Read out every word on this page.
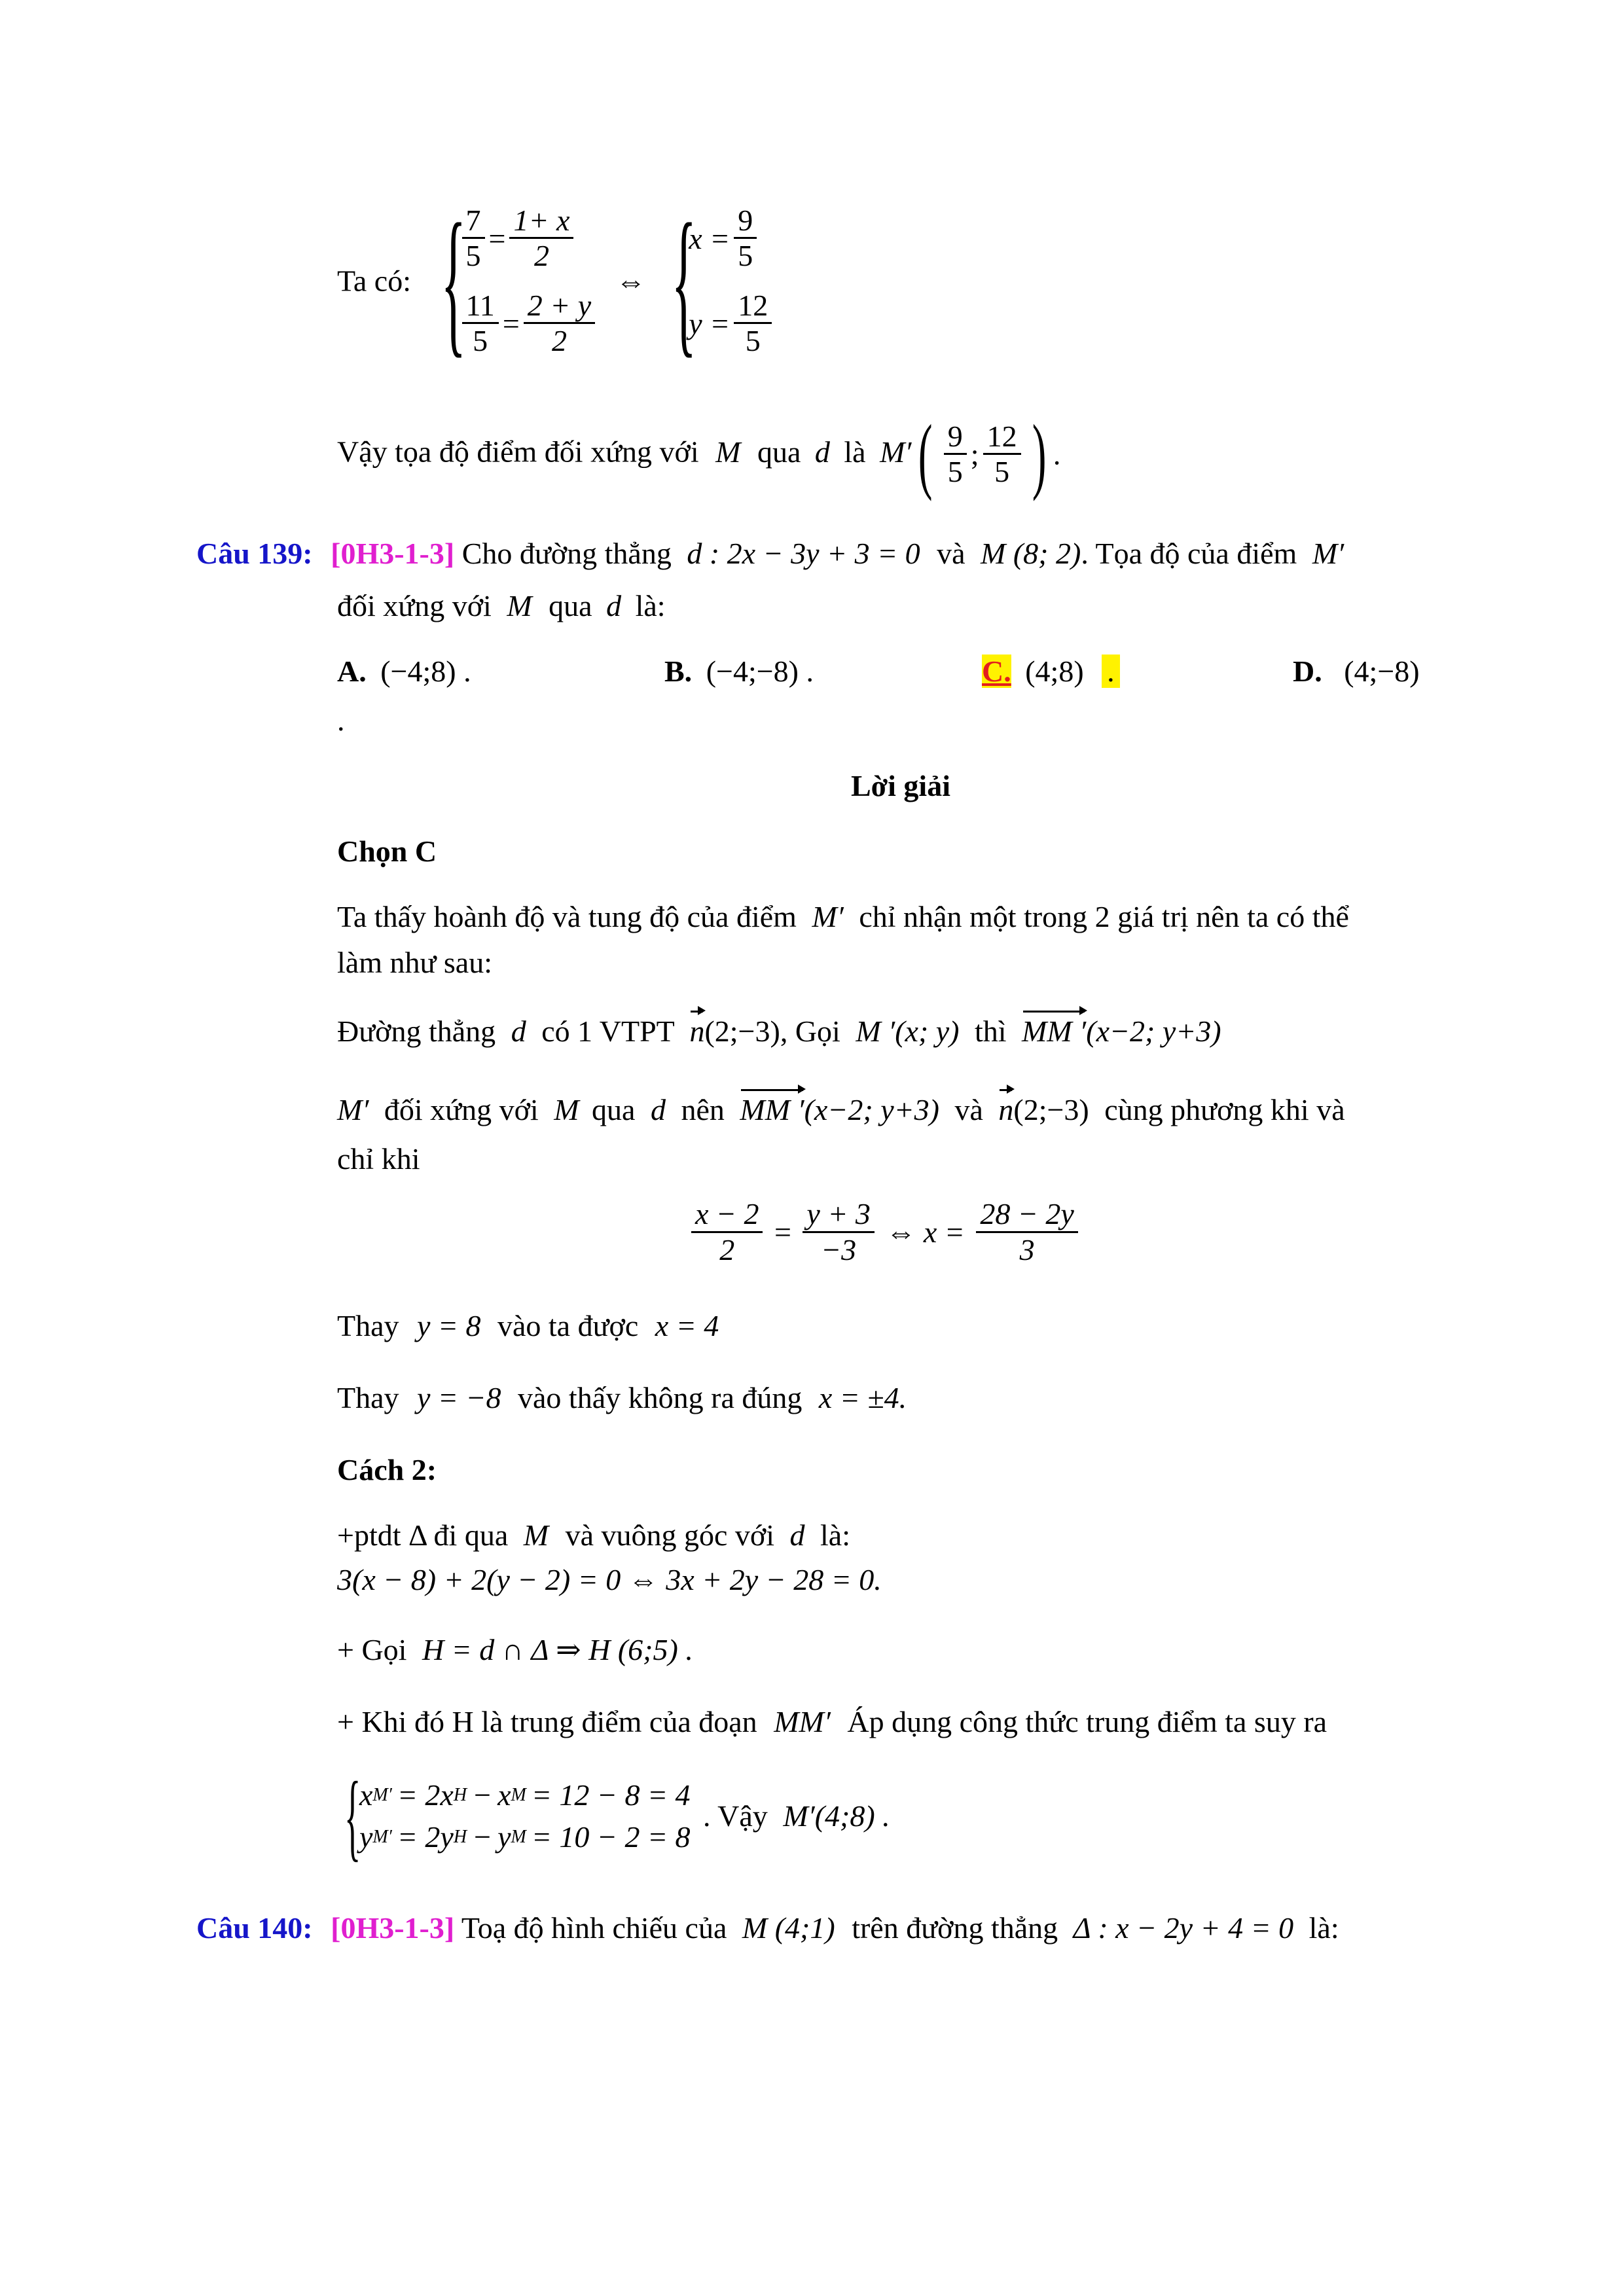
Ta có: {
$\frac{7}{5} = \frac{1+ x}{2}$
$\frac{11}{5} = \frac{2 + y}{2}$
⇔ {
$x = \frac{9}{5}$
$y = \frac{12}{5}$
Vậy tọa độ điểm đối xứng với M qua d là $M'( \frac{9}{5}$ ; $\frac{12}{5}$ ) .
Câu 139: [0H3-1-3] Cho đường thẳng d : 2x − 3y + 3 = 0 và M (8; 2). Tọa độ của điểm M′
đối xứng với M qua d là:
A. (−4;8) .	B. (−4;−8) .	C. (4;8) .	D. (4;−8)
.
Lời giải
Chọn C
Ta thấy hoành độ và tung độ của điểm M′ chỉ nhận một trong 2 giá trị nên ta có thể
làm như sau:
Đường thẳng d có 1 VTPT n(2;−3), Gọi M ′(x; y) thì MM ′(x−2; y+3)
M′ đối xứng với M qua d nên MM ′(x−2; y+3) và n(2;−3) cùng phương khi và
chỉ khi
$\frac{x - 2}{2} = \frac{y + 3}{-3}$ ⇔ $x = \frac{28 - 2y}{3}$
Thay y = 8 vào ta được x = 4
Thay y = −8 vào thấy không ra đúng x = ±4.
Cách 2:
+ptdt Δ đi qua M và vuông góc với d là:
3(x − 8) + 2(y − 2) = 0 ⇔ 3x + 2y − 28 = 0.
+ Gọi H = d ∩ Δ ⇒ H (6;5) .
+ Khi đó H là trung điểm của đoạn MM′ Áp dụng công thức trung điểm ta suy ra
{
x M′ = 2x H − x M = 12 − 8 = 4
y M′ = 2y H − y M = 10 − 2 = 8
. Vậy M′(4;8) .
Câu 140: [0H3-1-3] Toạ độ hình chiếu của M (4;1) trên đường thẳng Δ : x − 2y + 4 = 0 là:
